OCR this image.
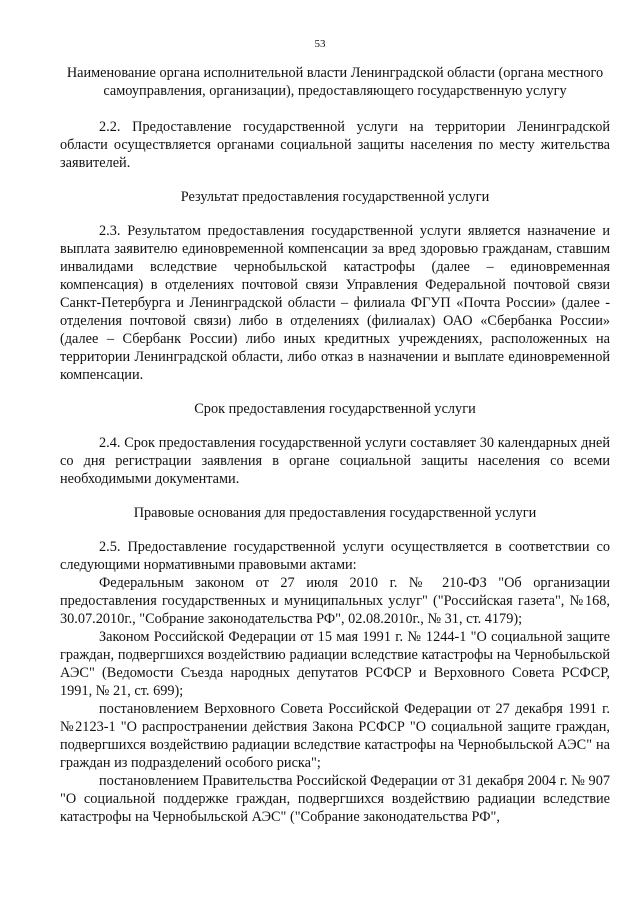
53

Наименование органа исполнительной власти Ленинградской области (органа местного самоуправления, организации), предоставляющего государственную услугу

2.2. Предоставление государственной услуги на территории Ленинградской области осуществляется органами социальной защиты населения по месту жительства заявителей.

Результат предоставления государственной услуги

2.3. Результатом предоставления государственной услуги является назначение и выплата заявителю единовременной компенсации за вред здоровью гражданам, ставшим инвалидами вследствие чернобыльской катастрофы (далее – единовременная компенсация) в отделениях почтовой связи Управления Федеральной почтовой связи Санкт-Петербурга и Ленинградской области – филиала ФГУП «Почта России» (далее - отделения почтовой связи) либо в отделениях (филиалах) ОАО «Сбербанка России» (далее – Сбербанк России) либо иных кредитных учреждениях, расположенных на территории Ленинградской области, либо отказ в назначении и выплате единовременной компенсации.

Срок предоставления государственной услуги

2.4. Срок предоставления государственной услуги составляет 30 календарных дней со дня регистрации заявления в органе социальной защиты населения со всеми необходимыми документами.

Правовые основания для предоставления государственной услуги

2.5. Предоставление государственной услуги осуществляется в соответствии со следующими нормативными правовыми актами:

Федеральным законом от 27 июля 2010 г. № 210-ФЗ "Об организации предоставления государственных и муниципальных услуг" ("Российская газета", №168, 30.07.2010г., "Собрание законодательства РФ", 02.08.2010г., № 31, ст. 4179);

Законом Российской Федерации от 15 мая 1991 г. № 1244-1 "О социальной защите граждан, подвергшихся воздействию радиации вследствие катастрофы на Чернобыльской АЭС" (Ведомости Съезда народных депутатов РСФСР и Верховного Совета РСФСР, 1991, № 21, ст. 699);

постановлением Верховного Совета Российской Федерации от 27 декабря 1991 г. №2123-1 "О распространении действия Закона РСФСР "О социальной защите граждан, подвергшихся воздействию радиации вследствие катастрофы на Чернобыльской АЭС" на граждан из подразделений особого риска";

постановлением Правительства Российской Федерации от 31 декабря 2004 г. № 907 "О социальной поддержке граждан, подвергшихся воздействию радиации вследствие катастрофы на Чернобыльской АЭС" ("Собрание законодательства РФ",
